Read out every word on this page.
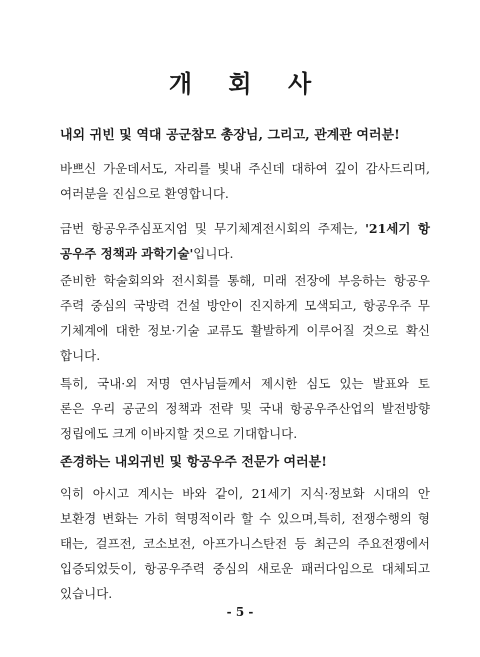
개 회 사
내외 귀빈 및 역대 공군참모 총장님, 그리고, 관계관 여러분!
바쁘신 가운데서도, 자리를 빛내 주신데 대하여 깊이 감사드리며,
여러분을 진심으로 환영합니다.
금번 항공우주심포지엄 및 무기체계전시회의 주제는, '21세기 항
공우주 정책과 과학기술'입니다.
준비한 학술회의와 전시회를 통해, 미래 전장에 부응하는 항공우
주력 중심의 국방력 건설 방안이 진지하게 모색되고, 항공우주 무
기체계에 대한 정보·기술 교류도 활발하게 이루어질 것으로 확신
합니다.
특히, 국내·외 저명 연사님들께서 제시한 심도 있는 발표와 토
론은 우리 공군의 정책과 전략 및 국내 항공우주산업의 발전방향
정립에도 크게 이바지할 것으로 기대합니다.
존경하는 내외귀빈 및 항공우주 전문가 여러분!
익히 아시고 계시는 바와 같이, 21세기 지식·정보화 시대의 안
보환경 변화는 가히 혁명적이라 할 수 있으며,특히, 전쟁수행의 형
태는, 걸프전, 코소보전, 아프가니스탄전 등 최근의 주요전쟁에서
입증되었듯이, 항공우주력 중심의 새로운 패러다임으로 대체되고
있습니다.
- 5 -
